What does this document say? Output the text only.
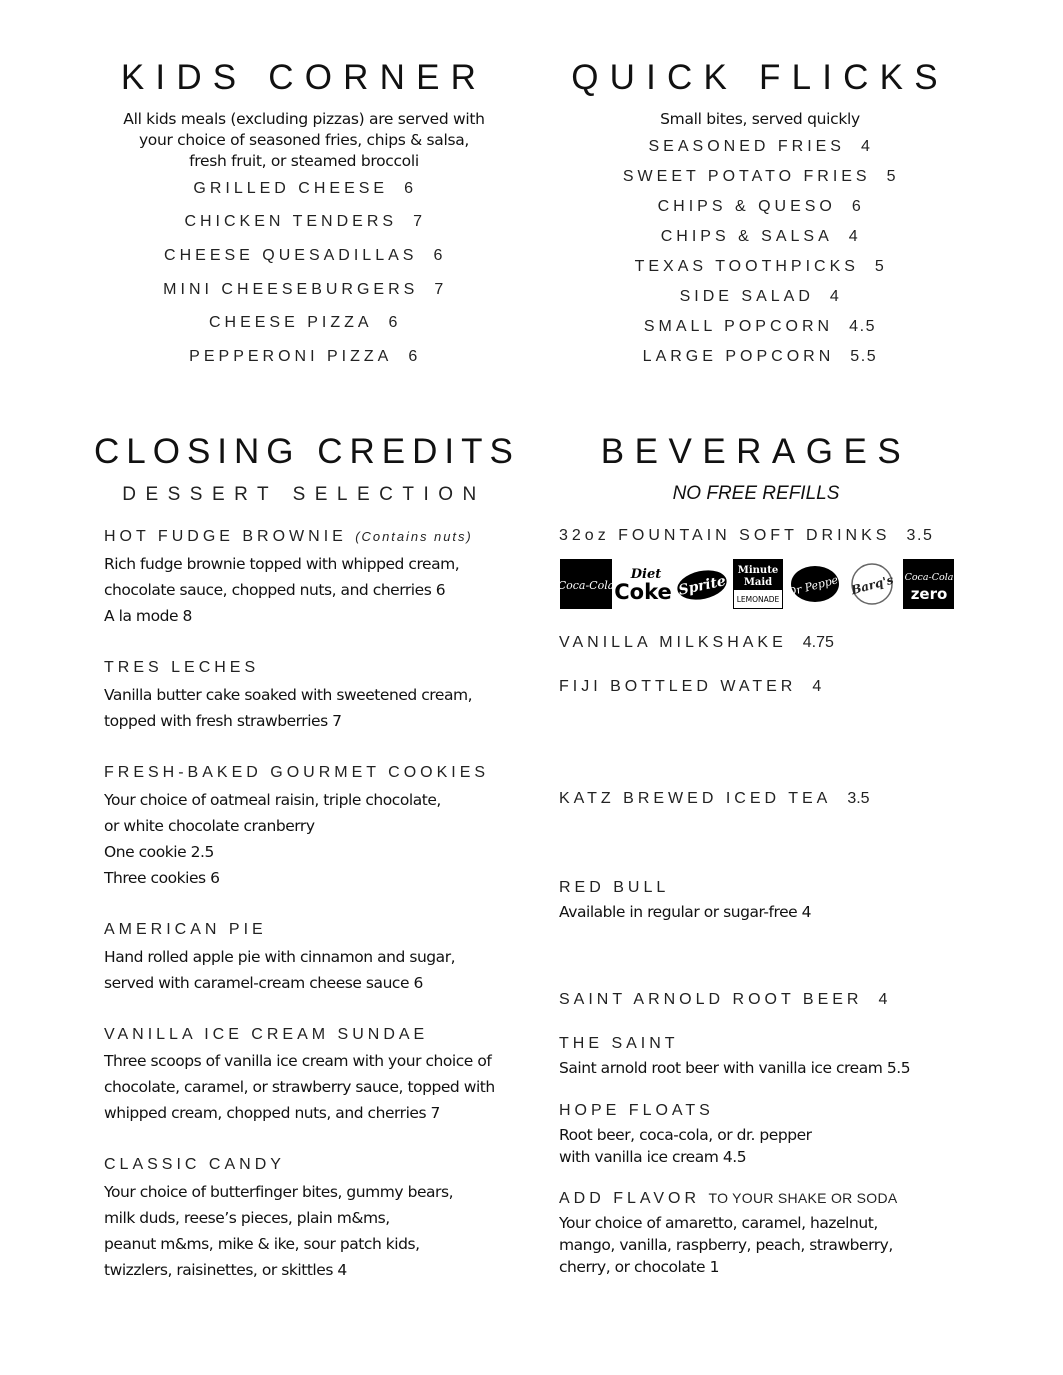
KIDS CORNER
All kids meals (excluding pizzas) are served with
your choice of seasoned fries, chips & salsa,
fresh fruit, or steamed broccoli
GRILLED CHEESE 6
CHICKEN TENDERS 7
CHEESE QUESADILLAS 6
MINI CHEESEBURGERS 7
CHEESE PIZZA 6
PEPPERONI PIZZA 6
QUICK FLICKS
Small bites, served quickly
SEASONED FRIES 4
SWEET POTATO FRIES 5
CHIPS & QUESO 6
CHIPS & SALSA 4
TEXAS TOOTHPICKS 5
SIDE SALAD 4
SMALL POPCORN 4.5
LARGE POPCORN 5.5
CLOSING CREDITS
DESSERT SELECTION
HOT FUDGE BROWNIE (Contains nuts)
Rich fudge brownie topped with whipped cream,
chocolate sauce, chopped nuts, and cherries 6
A la mode 8
TRES LECHES
Vanilla butter cake soaked with sweetened cream,
topped with fresh strawberries 7
FRESH-BAKED GOURMET COOKIES
Your choice of oatmeal raisin, triple chocolate,
or white chocolate cranberry
One cookie 2.5
Three cookies 6
AMERICAN PIE
Hand rolled apple pie with cinnamon and sugar,
served with caramel-cream cheese sauce 6
VANILLA ICE CREAM SUNDAE
Three scoops of vanilla ice cream with your choice of
chocolate, caramel, or strawberry sauce, topped with
whipped cream, chopped nuts, and cherries 7
CLASSIC CANDY
Your choice of butterfinger bites, gummy bears,
milk duds, reese’s pieces, plain m&ms,
peanut m&ms, mike & ike, sour patch kids,
twizzlers, raisinettes, or skittles 4
BEVERAGES
NO FREE REFILLS
32oz FOUNTAIN SOFT DRINKS 3.5
Coca-Cola
Diet
Coke Sprite
Minute
Maid
LEMONADE
Dr Pepper Barq's Coca-Cola
zero
VANILLA MILKSHAKE 4.75
FIJI BOTTLED WATER 4
KATZ BREWED ICED TEA 3.5
RED BULL
Available in regular or sugar-free 4
SAINT ARNOLD ROOT BEER 4
THE SAINT
Saint arnold root beer with vanilla ice cream 5.5
HOPE FLOATS
Root beer, coca-cola, or dr. pepper
with vanilla ice cream 4.5
ADD FLAVOR TO YOUR SHAKE OR SODA
Your choice of amaretto, caramel, hazelnut,
mango, vanilla, raspberry, peach, strawberry,
cherry, or chocolate 1
